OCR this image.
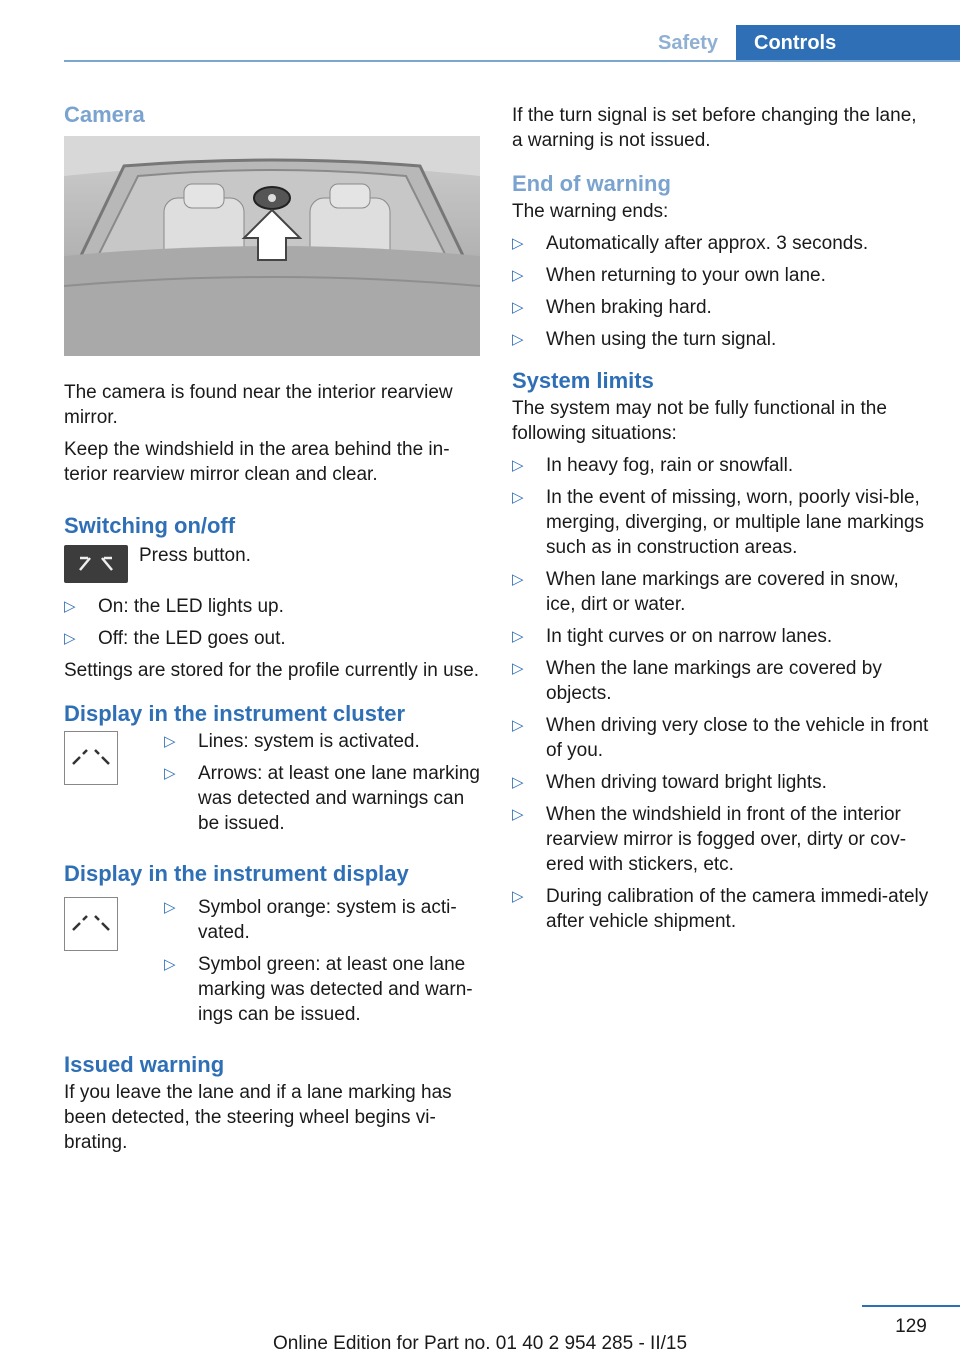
Safety	Controls
Camera

The camera is found near the interior rearview mirror.

Keep the windshield in the area behind the in‐terior rearview mirror clean and clear.

Switching on/off

Press button.

▷ On: the LED lights up.
▷ Off: the LED goes out.

Settings are stored for the profile currently in use.

Display in the instrument cluster
▷ Lines: system is activated.
▷ Arrows: at least one lane marking was detected and warnings can be issued.
Display in the instrument display
▷ Symbol orange: system is acti‐vated.
▷ Symbol green: at least one lane marking was detected and warn‐ings can be issued.
Issued warning

If you leave the lane and if a lane marking has been detected, the steering wheel begins vi‐brating.

If the turn signal is set before changing the lane, a warning is not issued.

End of warning

The warning ends:

▷ Automatically after approx. 3 seconds.
▷ When returning to your own lane.
▷ When braking hard.
▷ When using the turn signal.
System limits

The system may not be fully functional in the following situations:

▷ In heavy fog, rain or snowfall.
▷ In the event of missing, worn, poorly visi‐ble, merging, diverging, or multiple lane markings such as in construction areas.
▷ When lane markings are covered in snow, ice, dirt or water.
▷ In tight curves or on narrow lanes.
▷ When the lane markings are covered by objects.
▷ When driving very close to the vehicle in front of you.
▷ When driving toward bright lights.
▷ When the windshield in front of the interior rearview mirror is fogged over, dirty or cov‐ered with stickers, etc.
▷ During calibration of the camera immedi‐ately after vehicle shipment.
129
Online Edition for Part no. 01 40 2 954 285 - II/15
